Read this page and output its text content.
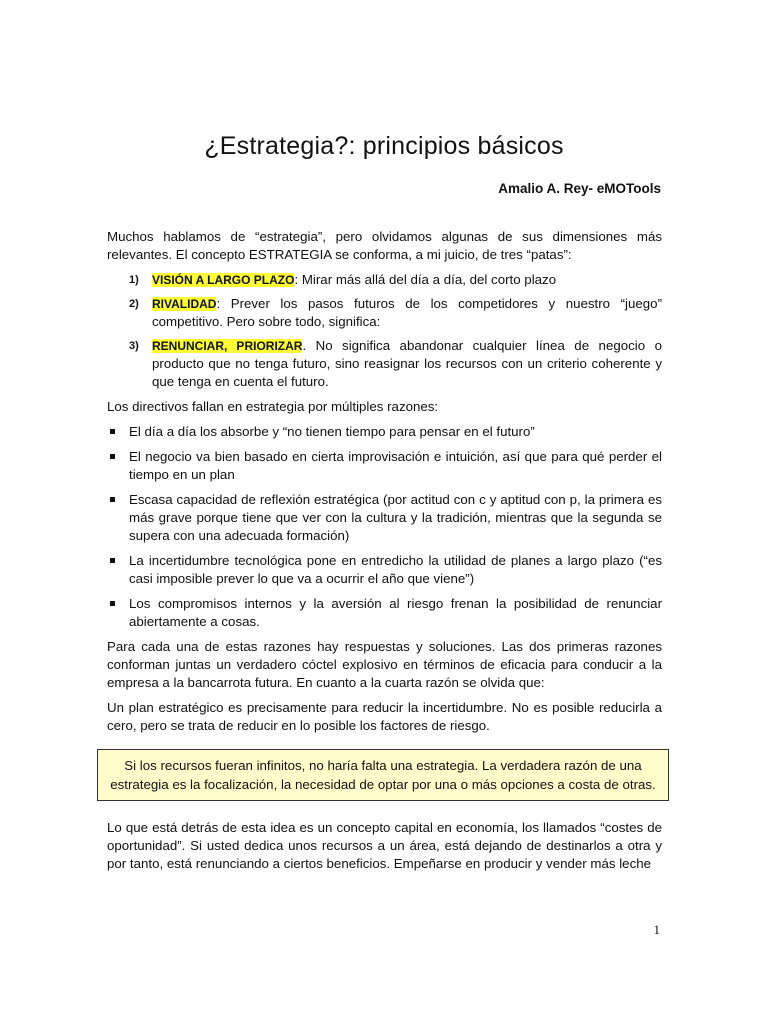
¿Estrategia?: principios básicos
Amalio A. Rey- eMOTools

Muchos hablamos de “estrategia”, pero olvidamos algunas de sus dimensiones más relevantes. El concepto ESTRATEGIA se conforma, a mi juicio, de tres “patas”:

1) VISIÓN A LARGO PLAZO: Mirar más allá del día a día, del corto plazo
2) RIVALIDAD: Prever los pasos futuros de los competidores y nuestro “juego” competitivo. Pero sobre todo, significa:
3) RENUNCIAR, PRIORIZAR. No significa abandonar cualquier línea de negocio o producto que no tenga futuro, sino reasignar los recursos con un criterio coherente y que tenga en cuenta el futuro.

Los directivos fallan en estrategia por múltiples razones:

El día a día los absorbe y “no tienen tiempo para pensar en el futuro”
El negocio va bien basado en cierta improvisación e intuición, así que para qué perder el tiempo en un plan
Escasa capacidad de reflexión estratégica (por actitud con c y aptitud con p, la primera es más grave porque tiene que ver con la cultura y la tradición, mientras que la segunda se supera con una adecuada formación)
La incertidumbre tecnológica pone en entredicho la utilidad de planes a largo plazo (“es casi imposible prever lo que va a ocurrir el año que viene”)
Los compromisos internos y la aversión al riesgo frenan la posibilidad de renunciar abiertamente a cosas.

Para cada una de estas razones hay respuestas y soluciones. Las dos primeras razones conforman juntas un verdadero cóctel explosivo en términos de eficacia para conducir a la empresa a la bancarrota futura. En cuanto a la cuarta razón se olvida que:

Un plan estratégico es precisamente para reducir la incertidumbre. No es posible reducirla a cero, pero se trata de reducir en lo posible los factores de riesgo.

Si los recursos fueran infinitos, no haría falta una estrategia. La verdadera razón de una estrategia es la focalización, la necesidad de optar por una o más opciones a costa de otras.

Lo que está detrás de esta idea es un concepto capital en economía, los llamados “costes de oportunidad”. Si usted dedica unos recursos a un área, está dejando de destinarlos a otra y por tanto, está renunciando a ciertos beneficios. Empeñarse en producir y vender más leche

1
